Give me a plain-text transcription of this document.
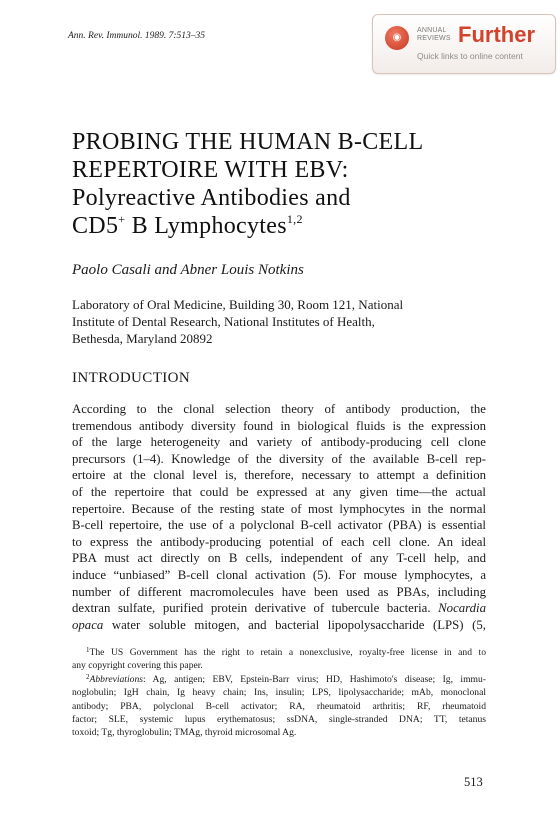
Ann. Rev. Immunol. 1989. 7:513–35	◉
ANNUAL
REVIEWS Further
Quick links to online content
PROBING THE HUMAN B-CELL
REPERTOIRE WITH EBV:
Polyreactive Antibodies and
CD5+ B Lymphocytes$^{1,2}$
Paolo Casali and Abner Louis Notkins
Laboratory of Oral Medicine, Building 30, Room 121, National
Institute of Dental Research, National Institutes of Health,
Bethesda, Maryland 20892
INTRODUCTION
According to the clonal selection theory of antibody production, the
tremendous antibody diversity found in biological fluids is the expression
of the large heterogeneity and variety of antibody-producing cell clone
precursors (1–4). Knowledge of the diversity of the available B-cell rep-
ertoire at the clonal level is, therefore, necessary to attempt a definition
of the repertoire that could be expressed at any given time—the actual
repertoire. Because of the resting state of most lymphocytes in the normal
B-cell repertoire, the use of a polyclonal B-cell activator (PBA) is essential
to express the antibody-producing potential of each cell clone. An ideal
PBA must act directly on B cells, independent of any T-cell help, and
induce “unbiased” B-cell clonal activation (5). For mouse lymphocytes, a
number of different macromolecules have been used as PBAs, including
dextran sulfate, purified protein derivative of tubercule bacteria. Nocardia
opaca water soluble mitogen, and bacterial lipopolysaccharide (LPS) (5,
$^1$The US Government has the right to retain a nonexclusive, royalty-free license in and to
any copyright covering this paper.
$^2$Abbreviations: Ag, antigen; EBV, Epstein-Barr virus; HD, Hashimoto's disease; Ig, immu-
noglobulin; IgH chain, Ig heavy chain; Ins, insulin; LPS, lipolysaccharide; mAb, monoclonal
antibody; PBA, polyclonal B-cell activator; RA, rheumatoid arthritis; RF, rheumatoid
factor; SLE, systemic lupus erythematosus; ssDNA, single-stranded DNA; TT, tetanus
toxoid; Tg, thyroglobulin; TMAg, thyroid microsomal Ag.
513
